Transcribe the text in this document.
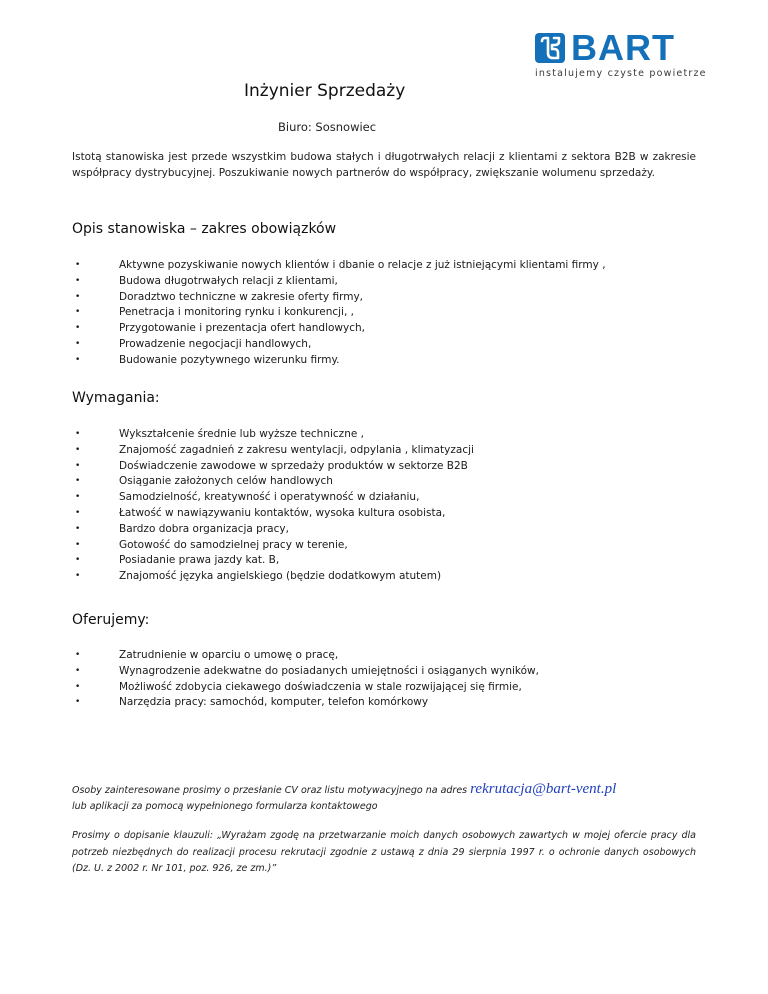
BART
instalujemy czyste powietrze
Inżynier Sprzedaży
Biuro: Sosnowiec
Istotą stanowiska jest przede wszystkim budowa stałych i długotrwałych relacji z klientami z sektora B2B w zakresie współpracy dystrybucyjnej. Poszukiwanie nowych partnerów do współpracy, zwiększanie wolumenu sprzedaży.
Opis stanowiska – zakres obowiązków
•	Aktywne pozyskiwanie nowych klientów i dbanie o relacje z już istniejącymi klientami firmy ,
•	Budowa długotrwałych relacji z klientami,
•	Doradztwo techniczne w zakresie oferty firmy,
•	Penetracja i monitoring rynku i konkurencji, ,
•	Przygotowanie i prezentacja ofert handlowych,
•	Prowadzenie negocjacji handlowych,
•	Budowanie pozytywnego wizerunku firmy.
Wymagania:
•	Wykształcenie średnie lub wyższe techniczne ,
•	Znajomość zagadnień z zakresu wentylacji, odpylania , klimatyzacji
•	Doświadczenie zawodowe w sprzedaży produktów w sektorze B2B
•	Osiąganie założonych celów handlowych
•	Samodzielność, kreatywność i operatywność w działaniu,
•	Łatwość w nawiązywaniu kontaktów, wysoka kultura osobista,
•	Bardzo dobra organizacja pracy,
•	Gotowość do samodzielnej pracy w terenie,
•	Posiadanie prawa jazdy kat. B,
•	Znajomość języka angielskiego (będzie dodatkowym atutem)
Oferujemy:
•	Zatrudnienie w oparciu o umowę o pracę,
•	Wynagrodzenie adekwatne do posiadanych umiejętności i osiąganych wyników,
•	Możliwość zdobycia ciekawego doświadczenia w stale rozwijającej się firmie,
•	Narzędzia pracy: samochód, komputer, telefon komórkowy
Osoby zainteresowane prosimy o przesłanie CV oraz listu motywacyjnego na adres rekrutacja@bart-vent.pl
lub aplikacji za pomocą wypełnionego formularza kontaktowego
Prosimy o dopisanie klauzuli: „Wyrażam zgodę na przetwarzanie moich danych osobowych zawartych w mojej ofercie pracy dla potrzeb niezbędnych do realizacji procesu rekrutacji zgodnie z ustawą z dnia 29 sierpnia 1997 r. o ochronie danych osobowych (Dz. U. z 2002 r. Nr 101, poz. 926, ze zm.)”
